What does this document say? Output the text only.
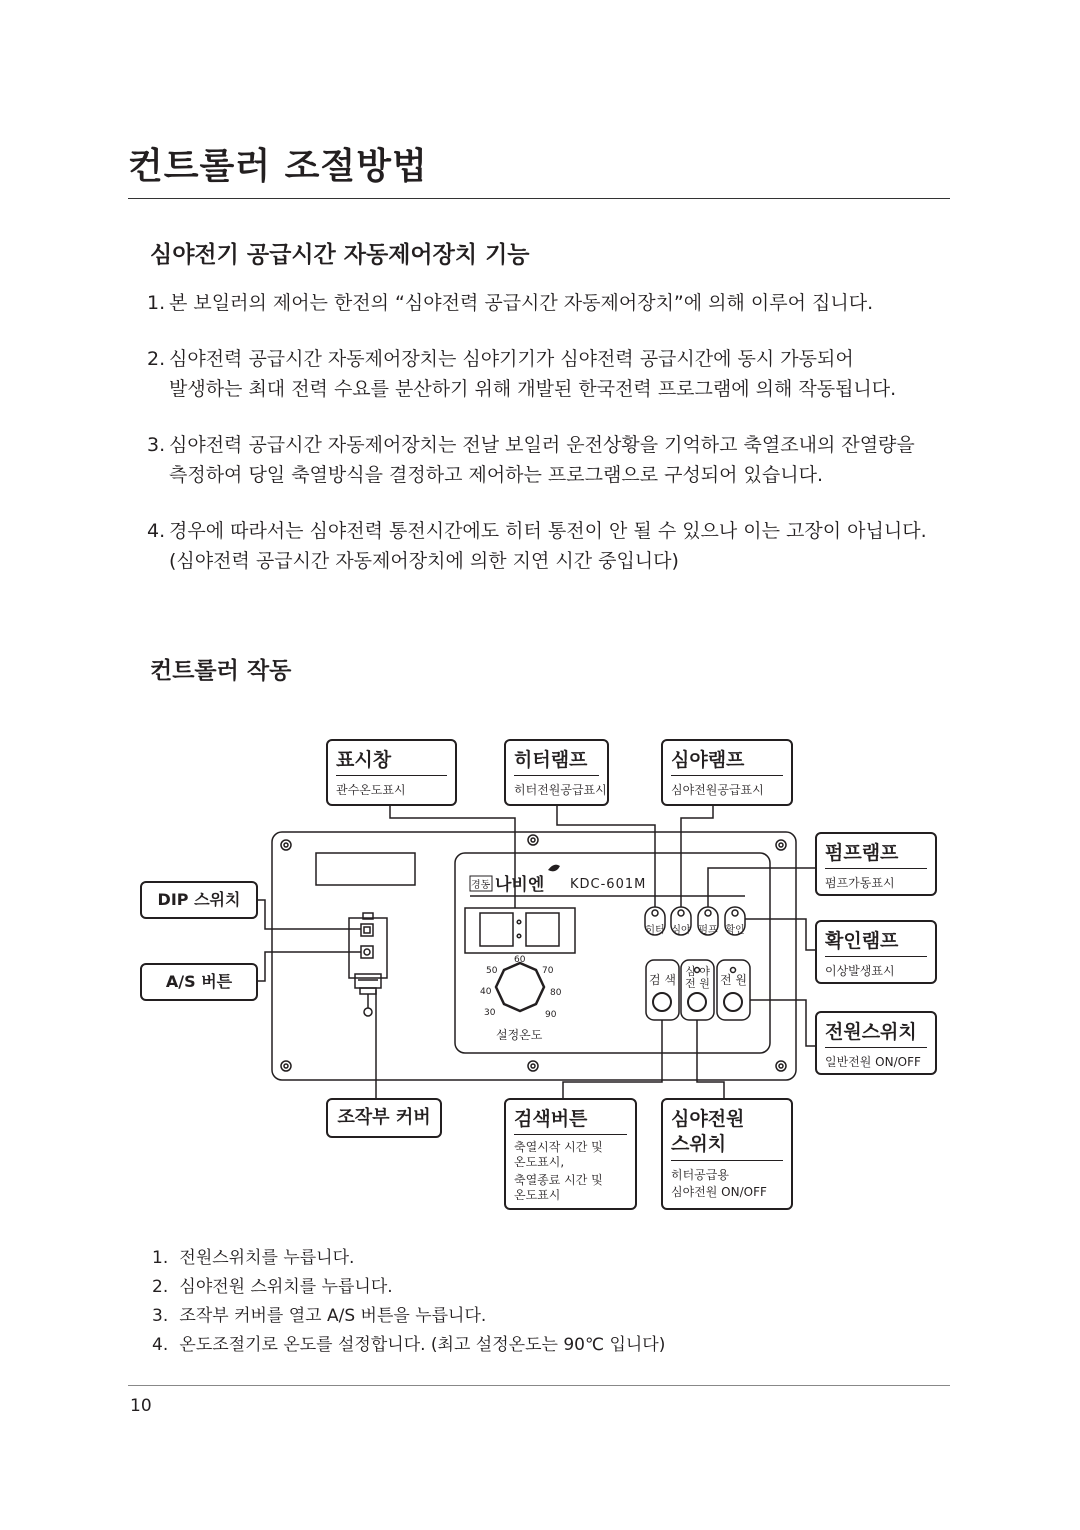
컨트롤러 조절방법
심야전기 공급시간 자동제어장치 기능
1. 본 보일러의 제어는 한전의 “심야전력 공급시간 자동제어장치”에 의해 이루어 집니다.
2. 심야전력 공급시간 자동제어장치는 심야기기가 심야전력 공급시간에 동시 가동되어
발생하는 최대 전력 수요를 분산하기 위해 개발된 한국전력 프로그램에 의해 작동됩니다.
3. 심야전력 공급시간 자동제어장치는 전날 보일러 운전상황을 기억하고 축열조내의 잔열량을
측정하여 당일 축열방식을 결정하고 제어하는 프로그램으로 구성되어 있습니다.
4. 경우에 따라서는 심야전력 통전시간에도 히터 통전이 안 될 수 있으나 이는 고장이 아닙니다.
(심야전력 공급시간 자동제어장치에 의한 지연 시간 중입니다)
컨트롤러 작동
경동 나비엔 KDC-601M
히터 심야 펌프 확인
검 색
심 야
전 원 전 원
30
40
50
60
70
80
90
설정온도
표시창
관수온도표시
히터램프
히터전원공급표시
심야램프
심야전원공급표시
펌프램프
펌프가동표시
확인램프
이상발생표시
전원스위치
일반전원 ON/OFF
DIP 스위치
A/S 버튼
조작부 커버	검색버튼
축열시작 시간 및
온도표시,
축열종료 시간 및
온도표시
심야전원
스위치
히터공급용
심야전원 ON/OFF
1. 전원스위치를 누릅니다.
2. 심야전원 스위치를 누릅니다.
3. 조작부 커버를 열고 A/S 버튼을 누릅니다.
4. 온도조절기로 온도를 설정합니다. (최고 설정온도는 90℃ 입니다)
10
